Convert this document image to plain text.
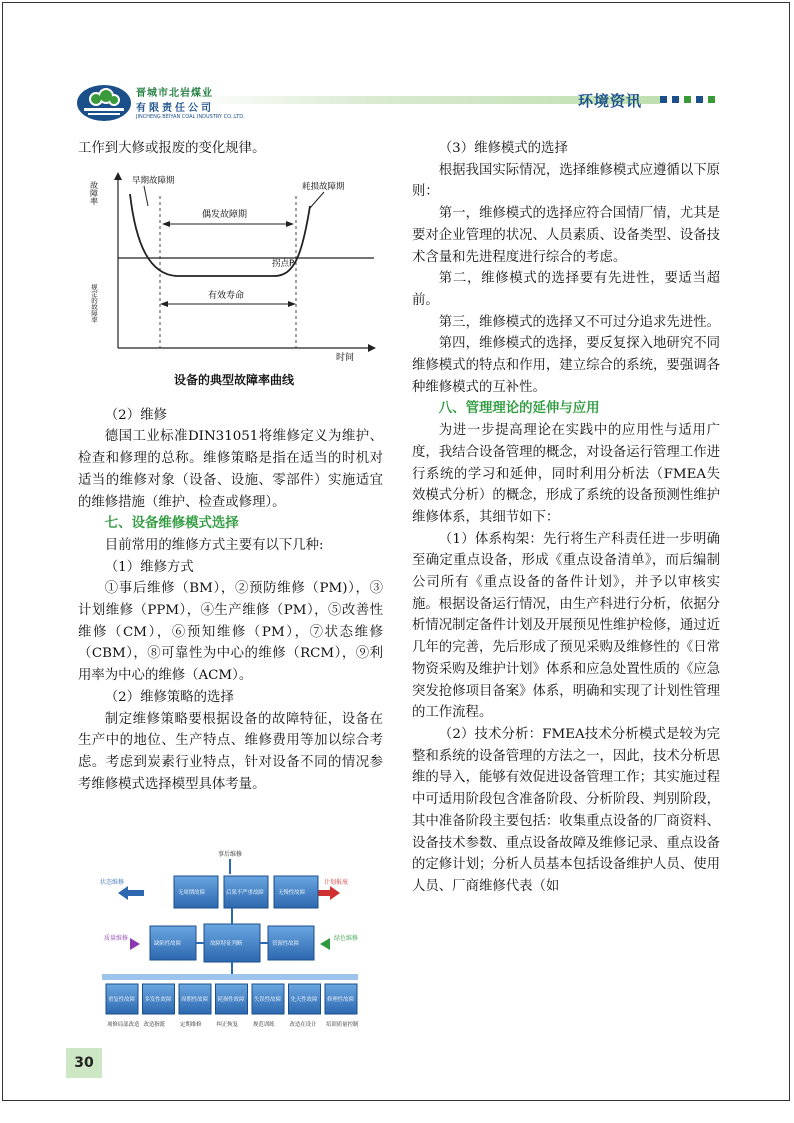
晋城市北岩煤业
有限责任公司
JINCHENG BEIYAN COAL INDUSTRY CO.,LTD.
环境资讯

工作到大修或报废的变化规律。

故障率
规定的故障率
时间
早期故障期
偶发故障期
耗损故障期
拐点P
有效寿命
设备的典型故障率曲线

（2）维修

德国工业标准DIN31051将维修定义为维护、检查和修理的总称。维修策略是指在适当的时机对适当的维修对象（设备、设施、零部件）实施适宜的维修措施（维护、检查或修理）。

七、设备维修模式选择

目前常用的维修方式主要有以下几种:

（1）维修方式

①事后维修（BM），②预防维修（PM)），③计划维修（PPM），④生产维修（PM），⑤改善性维修（CM），⑥预知维修（PM），⑦状态维修（CBM），⑧可靠性为中心的维修（RCM），⑨利用率为中心的维修（ACM）。

（2）维修策略的选择

制定维修策略要根据设备的故障特征，设备在生产中的地位、生产特点、维修费用等加以综合考虑。考虑到炭素行业特点，针对设备不同的情况参考维修模式选择模型具体考量。

事后维修
状态维修	计划报废
质量维修	绿色维修
无周期故障	后果不严重故障	无慢性故障
缺陷性故障	故障特征判断	资源性故障
重复性故障
项修局部改造
多发性故障
改造指派
周期性故障
定期维修
耗损性故障
纠正恢复
失误性故障
规范训练
先天性故障
改造在设计
修理性故障
培训质量控制

（3）维修模式的选择

根据我国实际情况，选择维修模式应遵循以下原则：

第一，维修模式的选择应符合国情厂情，尤其是要对企业管理的状况、人员素质、设备类型、设备技术含量和先进程度进行综合的考虑。

第二，维修模式的选择要有先进性，要适当超前。

第三，维修模式的选择又不可过分追求先进性。

第四，维修模式的选择，要反复探入地研究不同维修模式的特点和作用，建立综合的系统，要强调各种维修模式的互补性。

八、管理理论的延伸与应用

为进一步提高理论在实践中的应用性与适用广度，我结合设备管理的概念，对设备运行管理工作进行系统的学习和延伸，同时利用分析法（FMEA失效模式分析）的概念，形成了系统的设备预测性维护维修体系，其细节如下：

（1）体系构架：先行将生产科责任进一步明确至确定重点设备，形成《重点设备清单》，而后编制公司所有《重点设备的备件计划》，并予以审核实施。根据设备运行情况，由生产科进行分析，依据分析情况制定备件计划及开展预见性维护检修，通过近几年的完善，先后形成了预见采购及维修性的《日常物资采购及维护计划》体系和应急处置性质的《应急突发抢修项目备案》体系，明确和实现了计划性管理的工作流程。

（2）技术分析：FMEA技术分析模式是较为完整和系统的设备管理的方法之一，因此，技术分析思维的导入，能够有效促进设备管理工作；其实施过程中可适用阶段包含准备阶段、分析阶段、判别阶段，其中准备阶段主要包括：收集重点设备的厂商资料、设备技术参数、重点设备故障及维修记录、重点设备的定修计划；分析人员基本包括设备维护人员、使用人员、厂商维修代表（如

30
